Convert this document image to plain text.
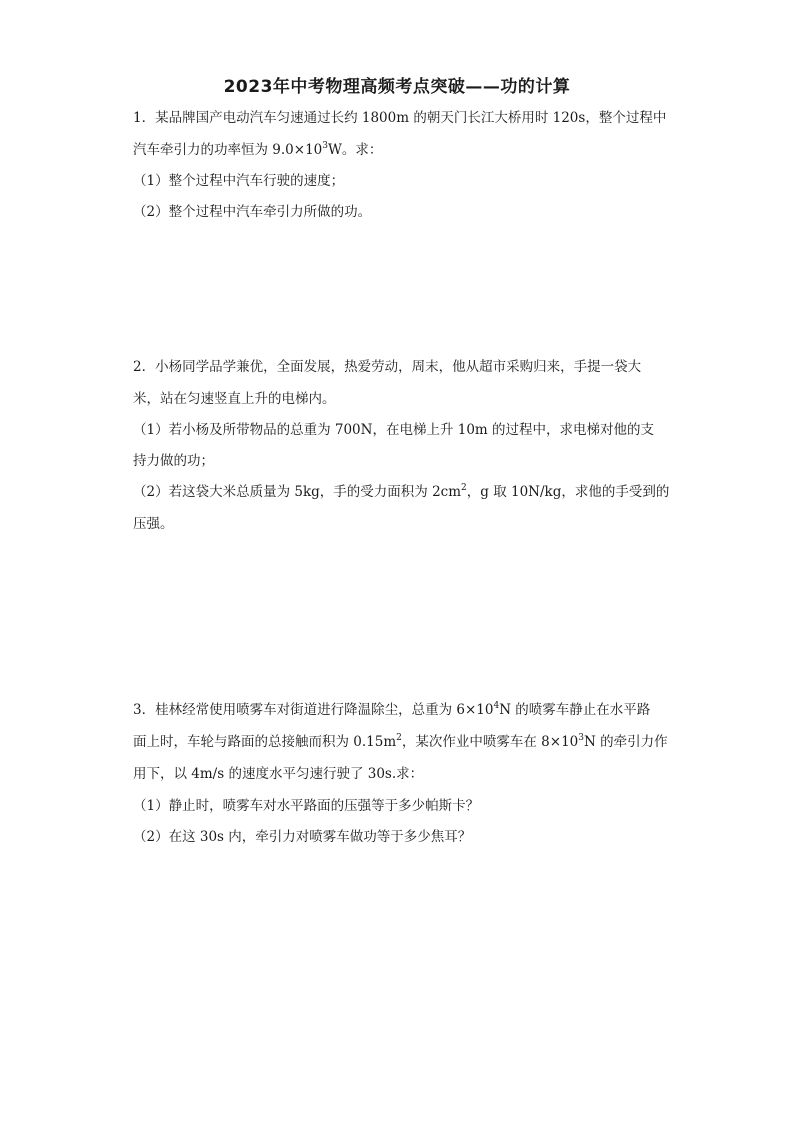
2023年中考物理高频考点突破——功的计算
1．某品牌国产电动汽车匀速通过长约 1800m 的朝天门长江大桥用时 120s，整个过程中
汽车牵引力的功率恒为 $9.0\times 10^3W$。求：
（1）整个过程中汽车行驶的速度；
（2）整个过程中汽车牵引力所做的功。
2．小杨同学品学兼优，全面发展，热爱劳动，周末，他从超市采购归来，手提一袋大
米，站在匀速竖直上升的电梯内。
（1）若小杨及所带物品的总重为 700N，在电梯上升 10m 的过程中，求电梯对他的支
持力做的功；
（2）若这袋大米总质量为 5kg，手的受力面积为 $2cm^2$，g 取 10N/kg，求他的手受到的
压强。
3．桂林经常使用喷雾车对街道进行降温除尘，总重为 $6\times 10^4N$ 的喷雾车静止在水平路
面上时，车轮与路面的总接触而积为 $0.15m^2$，某次作业中喷雾车在 $8\times 10^3N$ 的牵引力作
用下，以 4m/s 的速度水平匀速行驶了 30s.求：
（1）静止时，喷雾车对水平路面的压强等于多少帕斯卡？
（2）在这 30s 内，牵引力对喷雾车做功等于多少焦耳？
